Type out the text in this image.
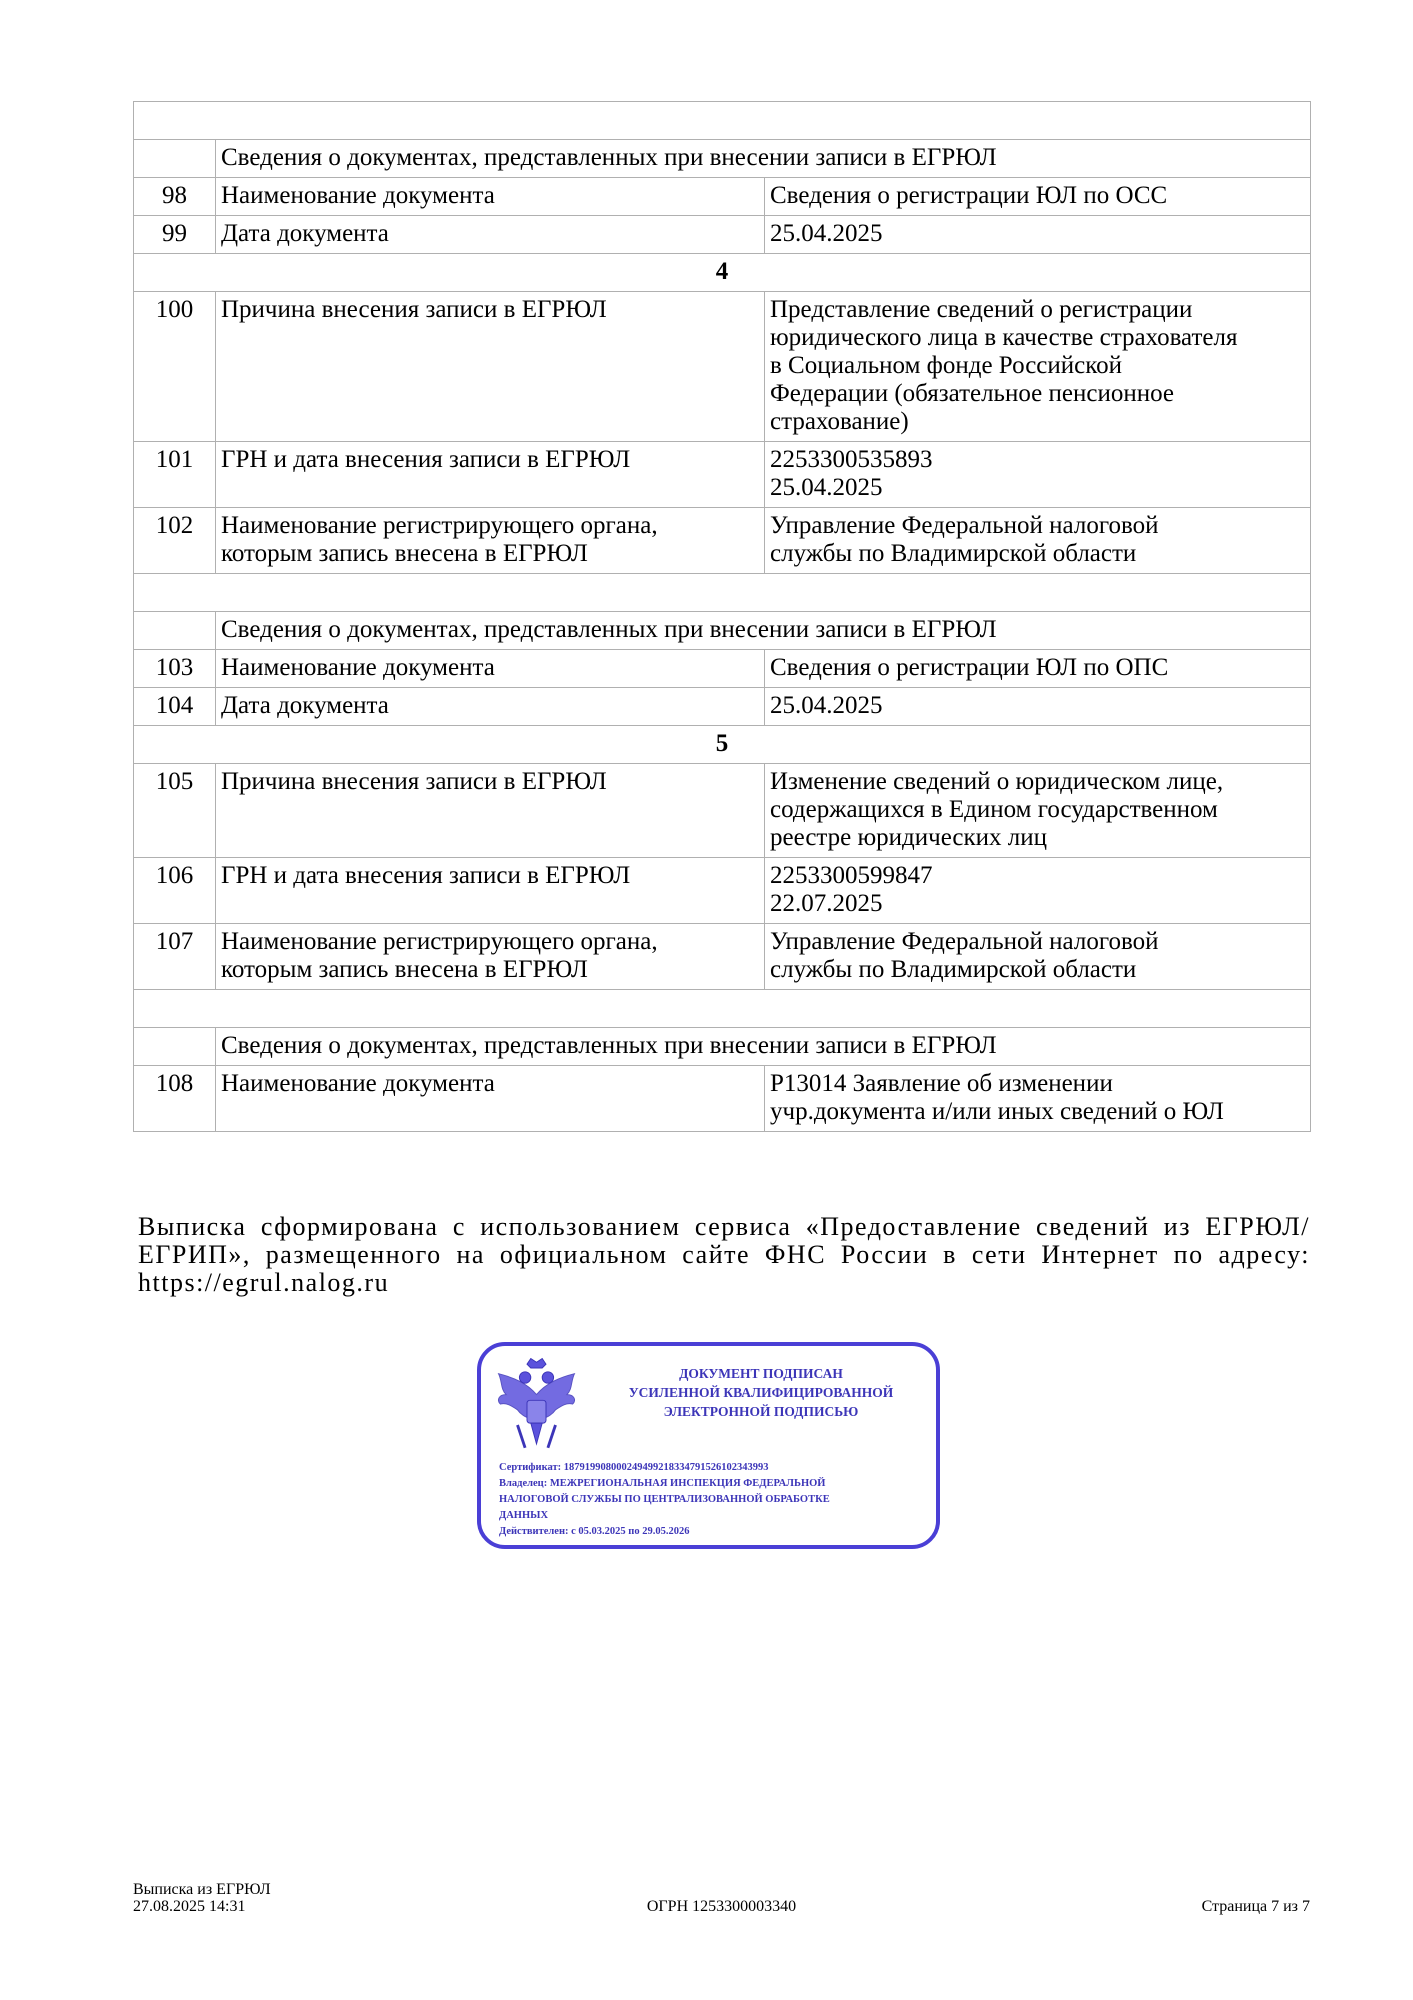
	Сведения о документах, представленных при внесении записи в ЕГРЮЛ	
98	Наименование документа	Сведения о регистрации ЮЛ по ОСС

99	Дата документа	25.04.2025

4		
100	Причина внесения записи в ЕГРЮЛ	Представление сведений о регистрации
юридического лица в качестве страхователя
в Социальном фонде Российской
Федерации (обязательное пенсионное
страхование)

101	ГРН и дата внесения записи в ЕГРЮЛ	2253300535893
25.04.2025

102	Наименование регистрирующего органа,
которым запись внесена в ЕГРЮЛ	Управление Федеральной налоговой
службы по Владимирской области

	Сведения о документах, представленных при внесении записи в ЕГРЮЛ	
103	Наименование документа	Сведения о регистрации ЮЛ по ОПС

104	Дата документа	25.04.2025

5		
105	Причина внесения записи в ЕГРЮЛ	Изменение сведений о юридическом лице,
содержащихся в Едином государственном
реестре юридических лиц

106	ГРН и дата внесения записи в ЕГРЮЛ	2253300599847
22.07.2025

107	Наименование регистрирующего органа,
которым запись внесена в ЕГРЮЛ	Управление Федеральной налоговой
службы по Владимирской области

	Сведения о документах, представленных при внесении записи в ЕГРЮЛ	
108	Наименование документа	Р13014 Заявление об изменении
учр.документа и/или иных сведений о ЮЛ

Выписка сформирована с использованием сервиса «Предоставление сведений из ЕГРЮЛ/ЕГРИП», размещенного на официальном сайте ФНС России в сети Интернет по адресу: https://egrul.nalog.ru

ДОКУМЕНТ ПОДПИСАН
УСИЛЕННОЙ КВАЛИФИЦИРОВАННОЙ
ЭЛЕКТРОННОЙ ПОДПИСЬЮ
Сертификат: 187919908000249499218334791526102343993
Владелец: МЕЖРЕГИОНАЛЬНАЯ ИНСПЕКЦИЯ ФЕДЕРАЛЬНОЙ
НАЛОГОВОЙ СЛУЖБЫ ПО ЦЕНТРАЛИЗОВАННОЙ ОБРАБОТКЕ
ДАННЫХ
Действителен: с 05.03.2025 по 29.05.2026
Выписка из ЕГРЮЛ
27.08.2025 14:31	ОГРН 1253300003340	Страница 7 из 7
